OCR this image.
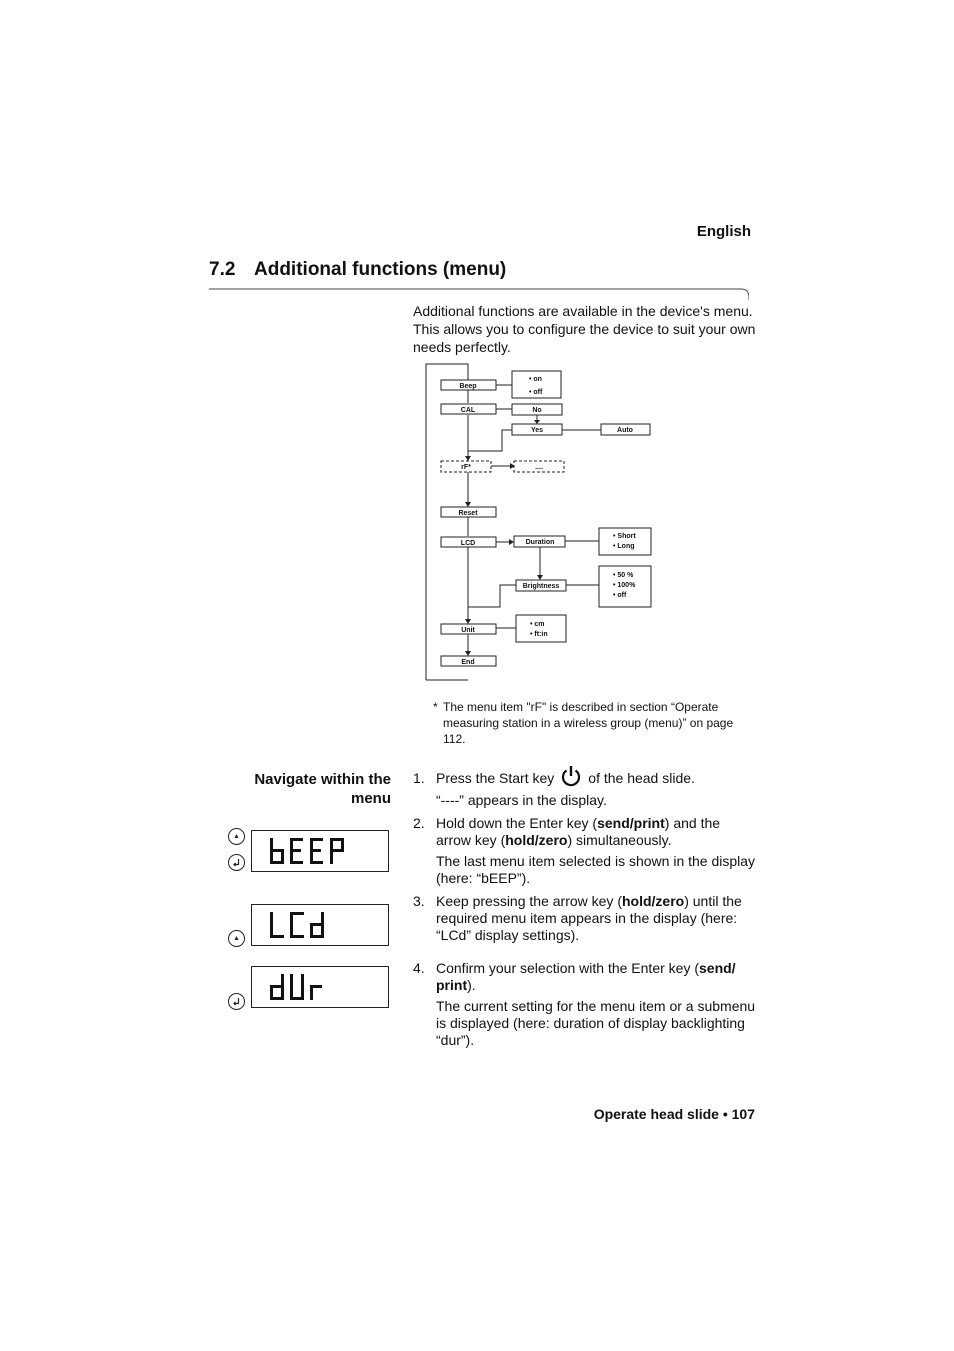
English
7.2 Additional functions (menu)
Additional functions are available in the device's menu. This allows you to configure the device to suit your own needs perfectly.
Beep
• on
• off
CAL	No
Yes	Auto
rF*	....
Reset
LCD	Duration
• Short
• Long
Brightness
• 50 %
• 100%
• off
Unit
• cm
• ft:in
End
* The menu item "rF" is described in section “Operate measuring station in a wireless group (menu)” on page 112.
Navigate within the
menu
1. Press the Start key of the head slide.

“----” appears in the display.

2. Hold down the Enter key (send/print) and the arrow key (hold/zero) simultaneously.

The last menu item selected is shown in the display (here: “bEEP”).

3. Keep pressing the arrow key (hold/zero) until the required menu item appears in the display (here: “LCd” display settings).

4. Confirm your selection with the Enter key (send/ print).

The current setting for the menu item or a submenu is displayed (here: duration of display backlighting “dur”).

Operate head slide • 107
